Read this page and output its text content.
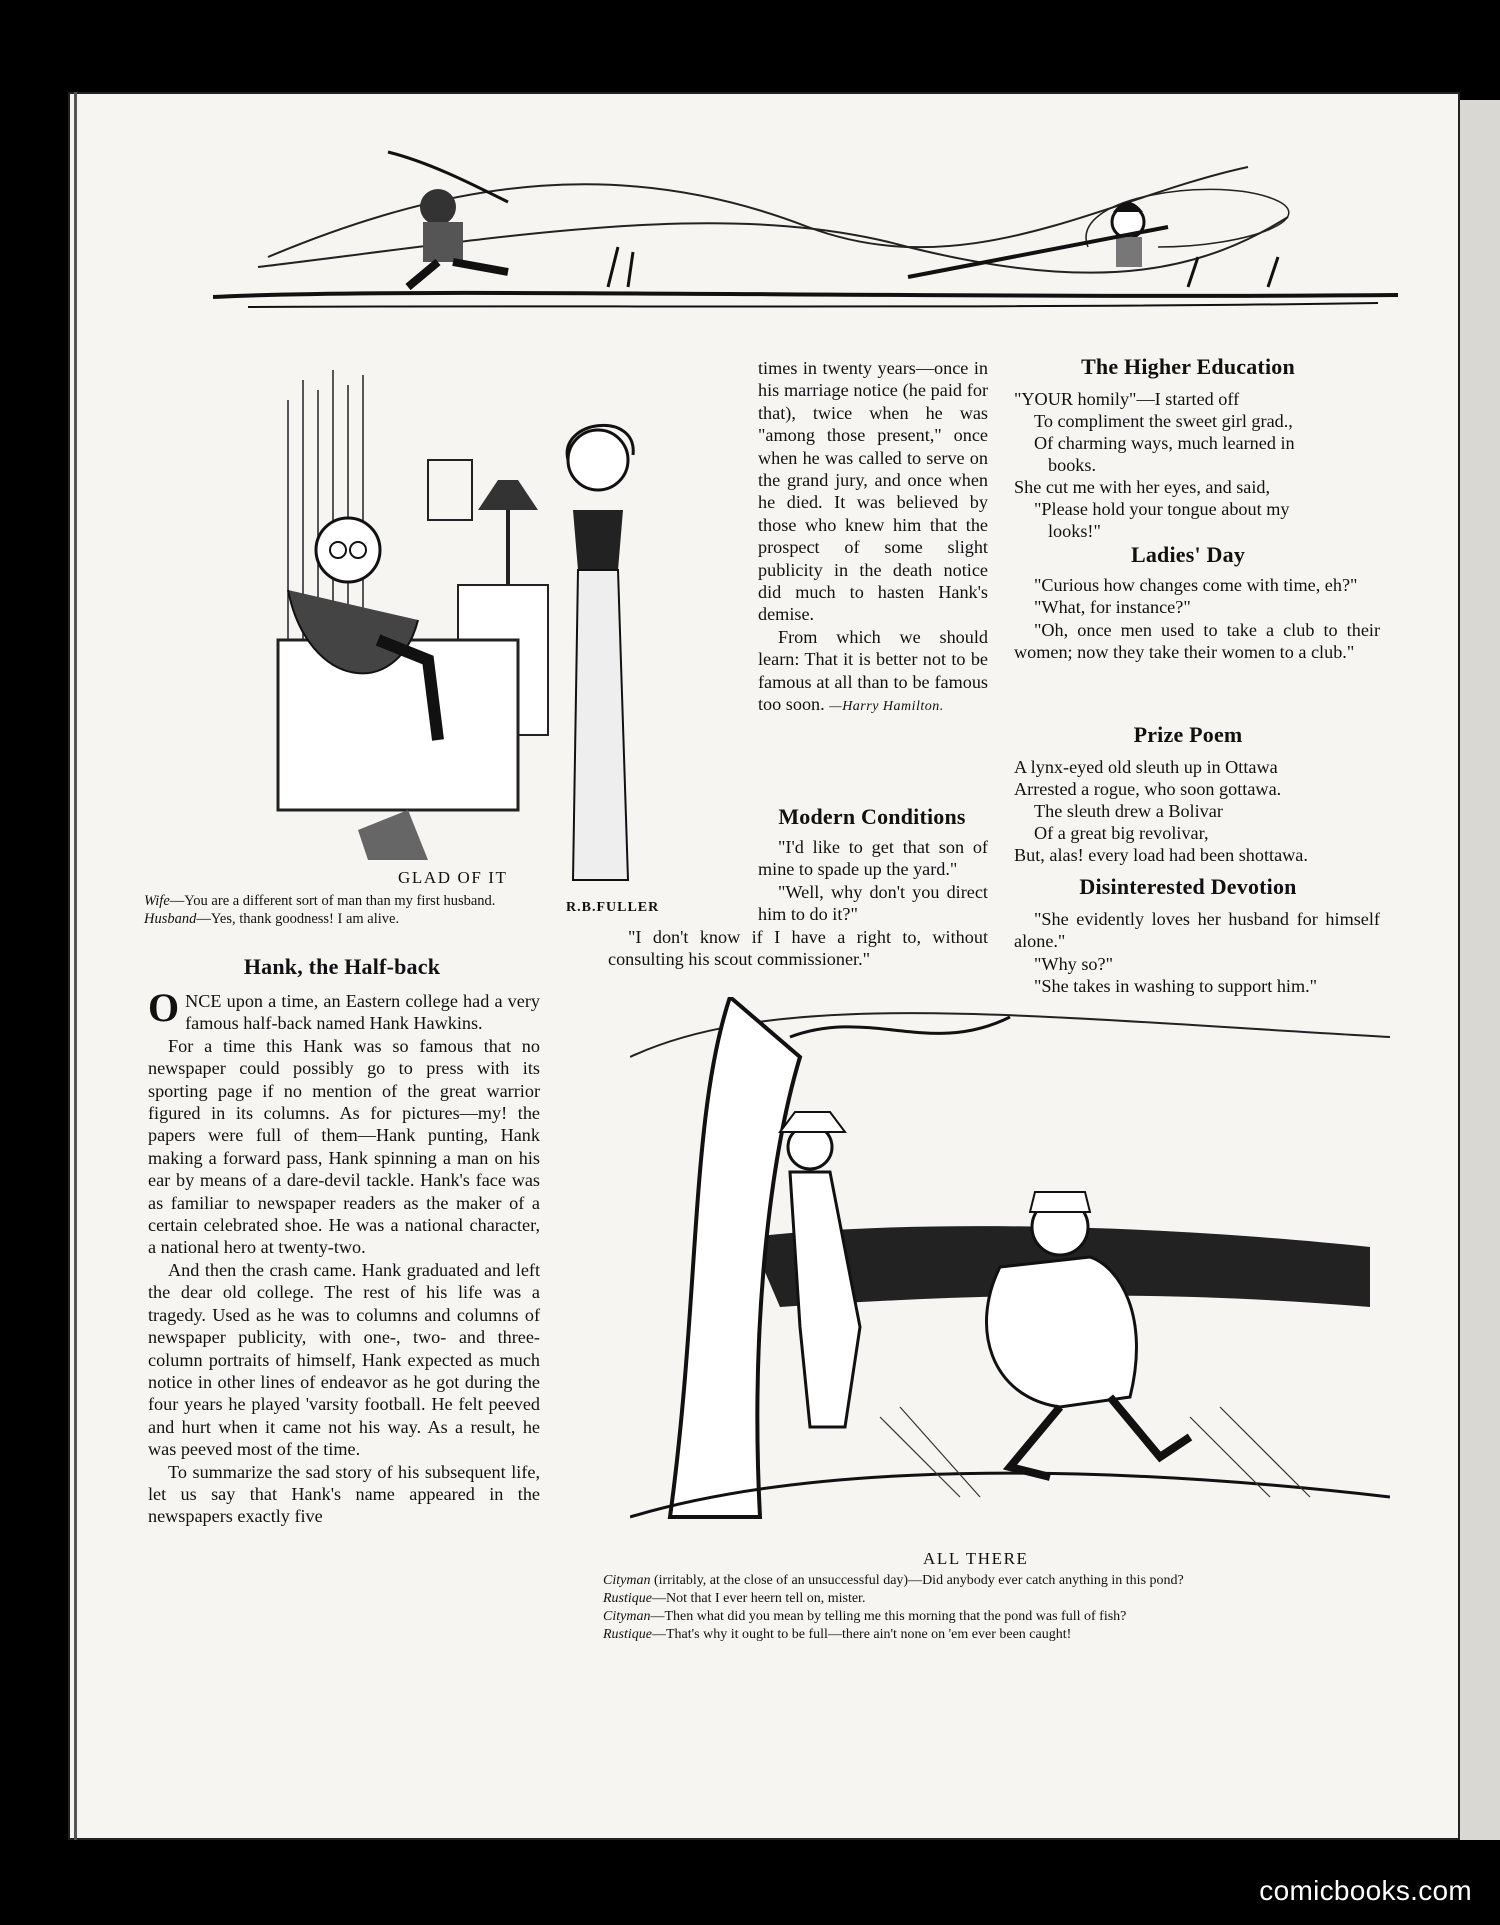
R.B.FULLER
GLAD OF IT
Wife—You are a different sort of man than my first husband.
Husband—Yes, thank goodness! I am alive.
Hank, the Half-back

ONCE upon a time, an Eastern college had a very famous half-back named Hank Hawkins.

For a time this Hank was so famous that no newspaper could possibly go to press with its sporting page if no mention of the great warrior figured in its columns. As for pictures—my! the papers were full of them—Hank punting, Hank making a forward pass, Hank spinning a man on his ear by means of a dare-devil tackle. Hank's face was as familiar to newspaper readers as the maker of a certain celebrated shoe. He was a national character, a national hero at twenty-two.

And then the crash came. Hank graduated and left the dear old college. The rest of his life was a tragedy. Used as he was to columns and columns of newspaper publicity, with one-, two- and three-column portraits of himself, Hank expected as much notice in other lines of endeavor as he got during the four years he played 'varsity football. He felt peeved and hurt when it came not his way. As a result, he was peeved most of the time.

To summarize the sad story of his subsequent life, let us say that Hank's name appeared in the newspapers exactly five

times in twenty years—once in his marriage notice (he paid for that), twice when he was "among those present," once when he was called to serve on the grand jury, and once when he died. It was believed by those who knew him that the prospect of some slight publicity in the death notice did much to hasten Hank's demise.

From which we should learn: That it is better not to be famous at all than to be famous too soon. —Harry Hamilton.

Modern Conditions

"I'd like to get that son of mine to spade up the yard."

"Well, why don't you direct him to do it?"

"I don't know if I have a right to, without consulting his scout commissioner."

The Higher Education
"YOUR homily"—I started off
To compliment the sweet girl grad.,
Of charming ways, much learned in
books.
She cut me with her eyes, and said,
"Please hold your tongue about my
looks!"
Ladies' Day

"Curious how changes come with time, eh?"

"What, for instance?"

"Oh, once men used to take a club to their women; now they take their women to a club."

Prize Poem
A lynx-eyed old sleuth up in Ottawa
Arrested a rogue, who soon gottawa.
The sleuth drew a Bolivar
Of a great big revolivar,
But, alas! every load had been shottawa.
Disinterested Devotion

"She evidently loves her husband for himself alone."

"Why so?"

"She takes in washing to support him."

ALL THERE
Cityman (irritably, at the close of an unsuccessful day)—Did anybody ever catch anything in this pond?
Rustique—Not that I ever heern tell on, mister.
Cityman—Then what did you mean by telling me this morning that the pond was full of fish?
Rustique—That's why it ought to be full—there ain't none on 'em ever been caught!
comicbooks.com
